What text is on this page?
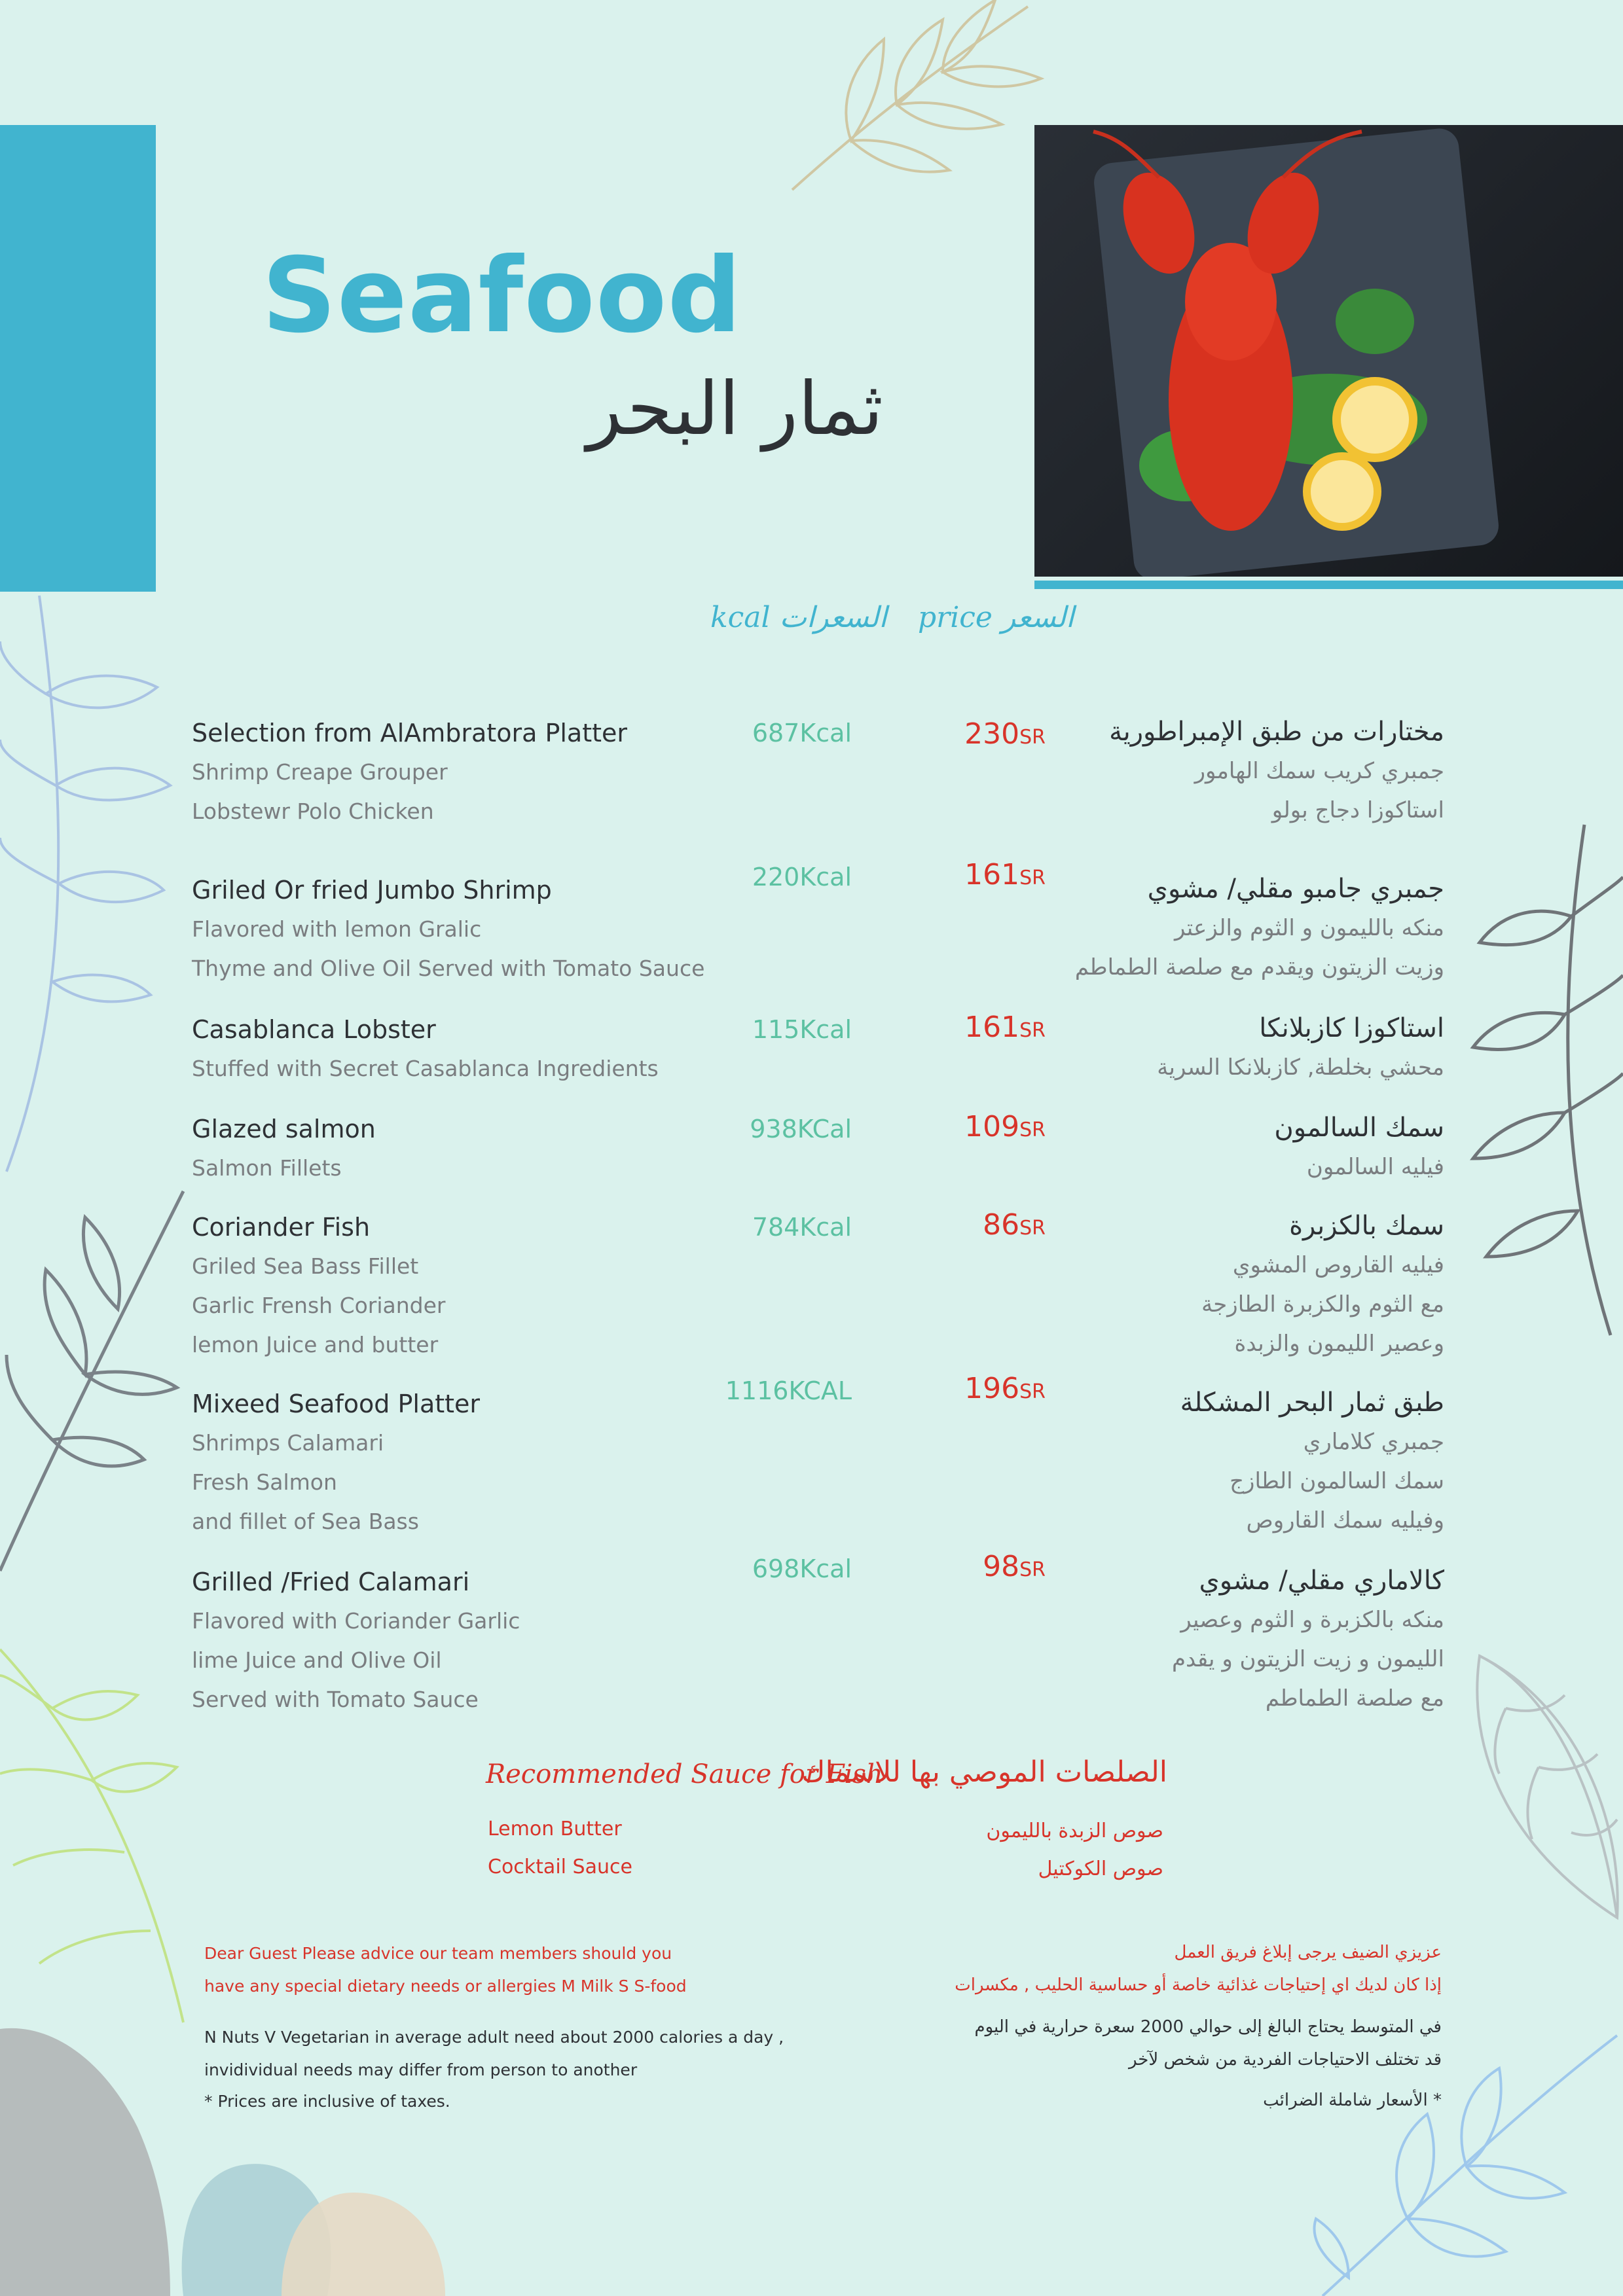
Seafood
ثمار البحر
kcal السعرات price السعر
Selection from AlAmbratora Platter
Shrimp Creape Grouper
Lobstewr Polo Chicken
687Kcal	230SR مختارات من طبق الإمبراطورية
جمبري كريب سمك الهامور
استاكوزا دجاج بولو
Griled Or fried Jumbo Shrimp
Flavored with lemon Gralic
Thyme and Olive Oil Served with Tomato Sauce
220Kcal	161SR	جمبري جامبو مقلي/ مشوي
منكه بالليمون و الثوم والزعتر
وزيت الزيتون ويقدم مع صلصة الطماطم
Casablanca Lobster
Stuffed with Secret Casablanca Ingredients
115Kcal	161SR	استاكوزا كازبلانكا
محشي بخلطة, كازبلانكا السرية
Glazed salmon
Salmon Fillets
938KCal	109SR	سمك السالمون
فيليه السالمون
Coriander Fish
Griled Sea Bass Fillet
Garlic Frensh Coriander
lemon Juice and butter
784Kcal	86SR	سمك بالكزبرة
فيليه القاروص المشوي
مع الثوم والكزبرة الطازجة
وعصير الليمون والزبدة
Mixeed Seafood Platter
Shrimps Calamari
Fresh Salmon
and fillet of Sea Bass
1116KCAL	196SR	طبق ثمار البحر المشكلة
جمبري كلاماري
سمك السالمون الطازج
وفيليه سمك القاروص
Grilled /Fried Calamari
Flavored with Coriander Garlic
lime Juice and Olive Oil
Served with Tomato Sauce
698Kcal	98SR	كالاماري مقلي/ مشوي
منكه بالكزبرة و الثوم وعصير
الليمون و زيت الزيتون و يقدم
مع صلصة الطماطم
Recommended Sauce for Fish
الصلصات الموصي بها للاسماك
Lemon Butter
Cocktail Sauce
صوص الزبدة بالليمون
صوص الكوكتيل
Dear Guest Please advice our team members should you
have any special dietary needs or allergies M Milk S S-food
N Nuts V Vegetarian in average adult need about 2000 calories a day ,
invidividual needs may differ from person to another
* Prices are inclusive of taxes.
عزيزي الضيف يرجى إبلاغ فريق العمل
إذا كان لديك اي إحتياجات غذائية خاصة أو حساسية الحليب , مكسرات
في المتوسط يحتاج البالغ إلى حوالي 2000 سعرة حرارية في اليوم
قد تختلف الاحتياجات الفردية من شخص لآخر
* الأسعار شاملة الضرائب
